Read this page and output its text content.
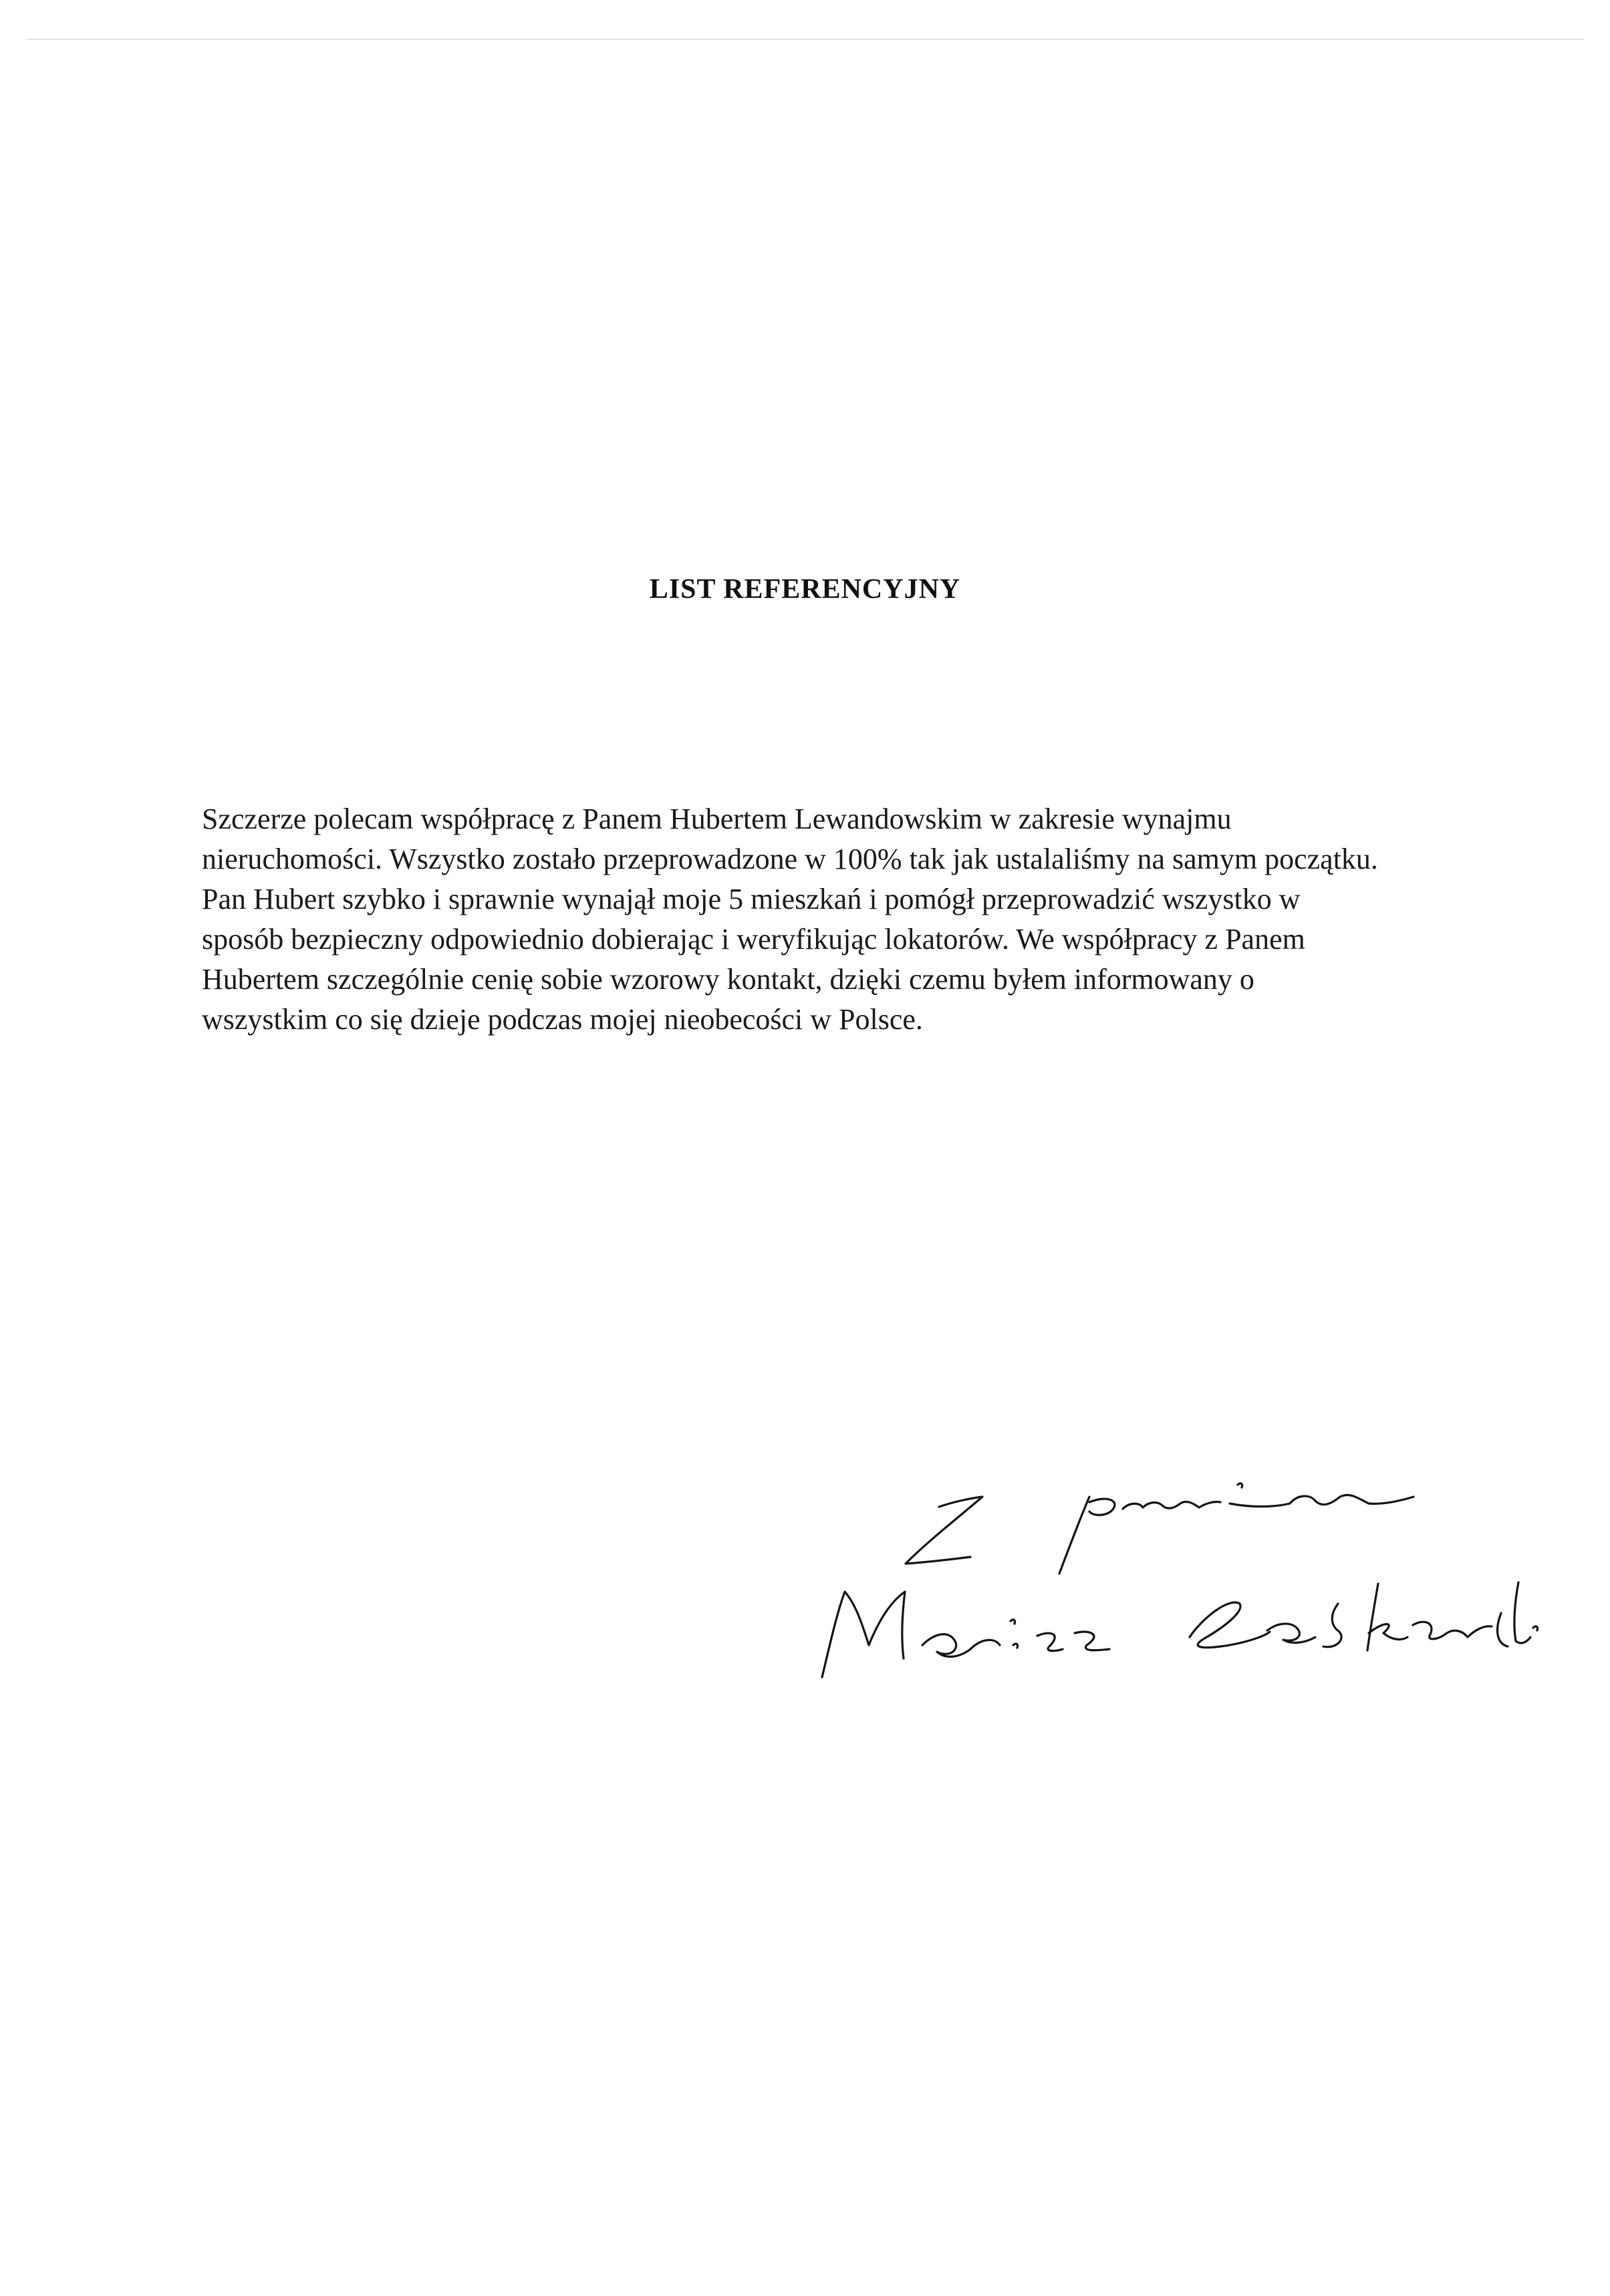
LIST REFERENCYJNY
Szczerze polecam współpracę z Panem Hubertem Lewandowskim w zakresie wynajmu
nieruchomości. Wszystko zostało przeprowadzone w 100% tak jak ustalaliśmy na samym początku.
Pan Hubert szybko i sprawnie wynajął moje 5 mieszkań i pomógł przeprowadzić wszystko w
sposób bezpieczny odpowiednio dobierając i weryfikując lokatorów. We współpracy z Panem
Hubertem szczególnie cenię sobie wzorowy kontakt, dzięki czemu byłem informowany o
wszystkim co się dzieje podczas mojej nieobecości w Polsce.
